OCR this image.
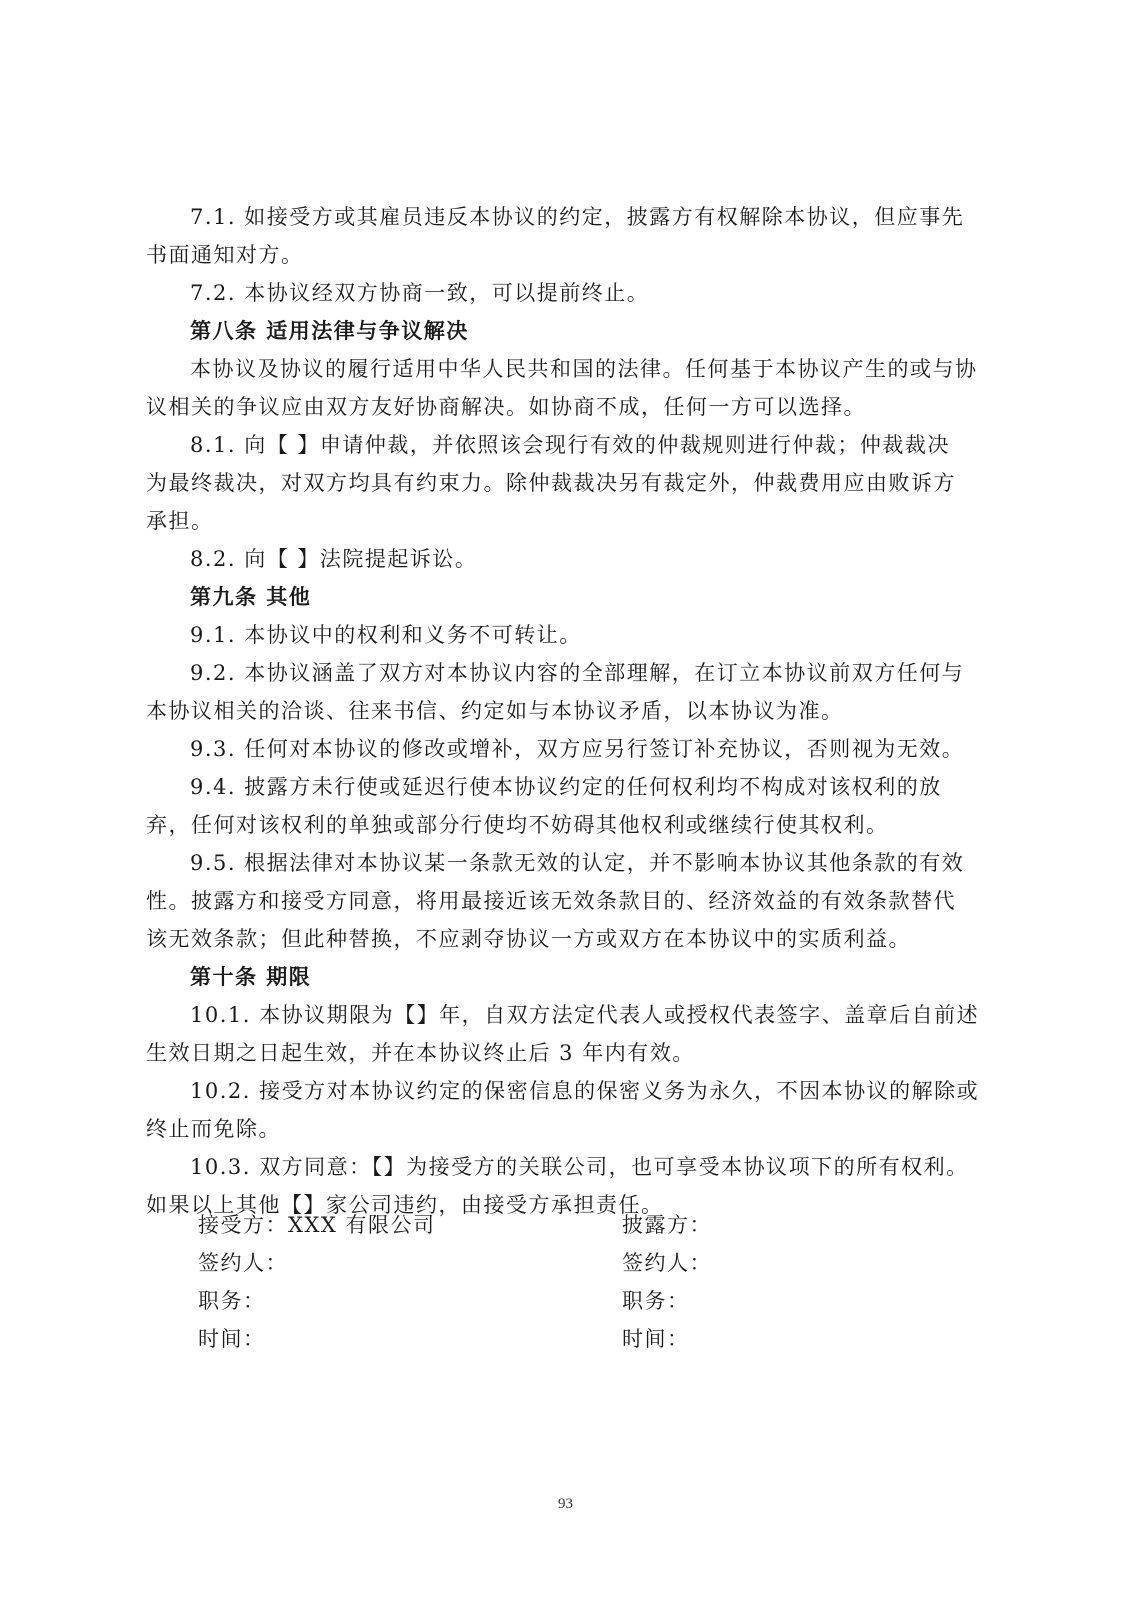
7.1. 如接受方或其雇员违反本协议的约定，披露方有权解除本协议，但应事先
书面通知对方。
7.2. 本协议经双方协商一致，可以提前终止。
第八条 适用法律与争议解决
本协议及协议的履行适用中华人民共和国的法律。任何基于本协议产生的或与协
议相关的争议应由双方友好协商解决。如协商不成，任何一方可以选择。
8.1. 向【 】申请仲裁，并依照该会现行有效的仲裁规则进行仲裁；仲裁裁决
为最终裁决，对双方均具有约束力。除仲裁裁决另有裁定外，仲裁费用应由败诉方
承担。
8.2. 向【 】法院提起诉讼。
第九条 其他
9.1. 本协议中的权利和义务不可转让。
9.2. 本协议涵盖了双方对本协议内容的全部理解，在订立本协议前双方任何与
本协议相关的洽谈、往来书信、约定如与本协议矛盾，以本协议为准。
9.3. 任何对本协议的修改或增补，双方应另行签订补充协议，否则视为无效。
9.4. 披露方未行使或延迟行使本协议约定的任何权利均不构成对该权利的放
弃，任何对该权利的单独或部分行使均不妨碍其他权利或继续行使其权利。
9.5. 根据法律对本协议某一条款无效的认定，并不影响本协议其他条款的有效
性。披露方和接受方同意，将用最接近该无效条款目的、经济效益的有效条款替代
该无效条款；但此种替换，不应剥夺协议一方或双方在本协议中的实质利益。
第十条 期限
10.1. 本协议期限为【】年，自双方法定代表人或授权代表签字、盖章后自前述
生效日期之日起生效，并在本协议终止后 3 年内有效。
10.2. 接受方对本协议约定的保密信息的保密义务为永久，不因本协议的解除或
终止而免除。
10.3. 双方同意：【】为接受方的关联公司，也可享受本协议项下的所有权利。
如果以上其他【】家公司违约，由接受方承担责任。
接受方：XXX 有限公司
签约人：
职务：
时间：
披露方：
签约人：
职务：
时间：
93
